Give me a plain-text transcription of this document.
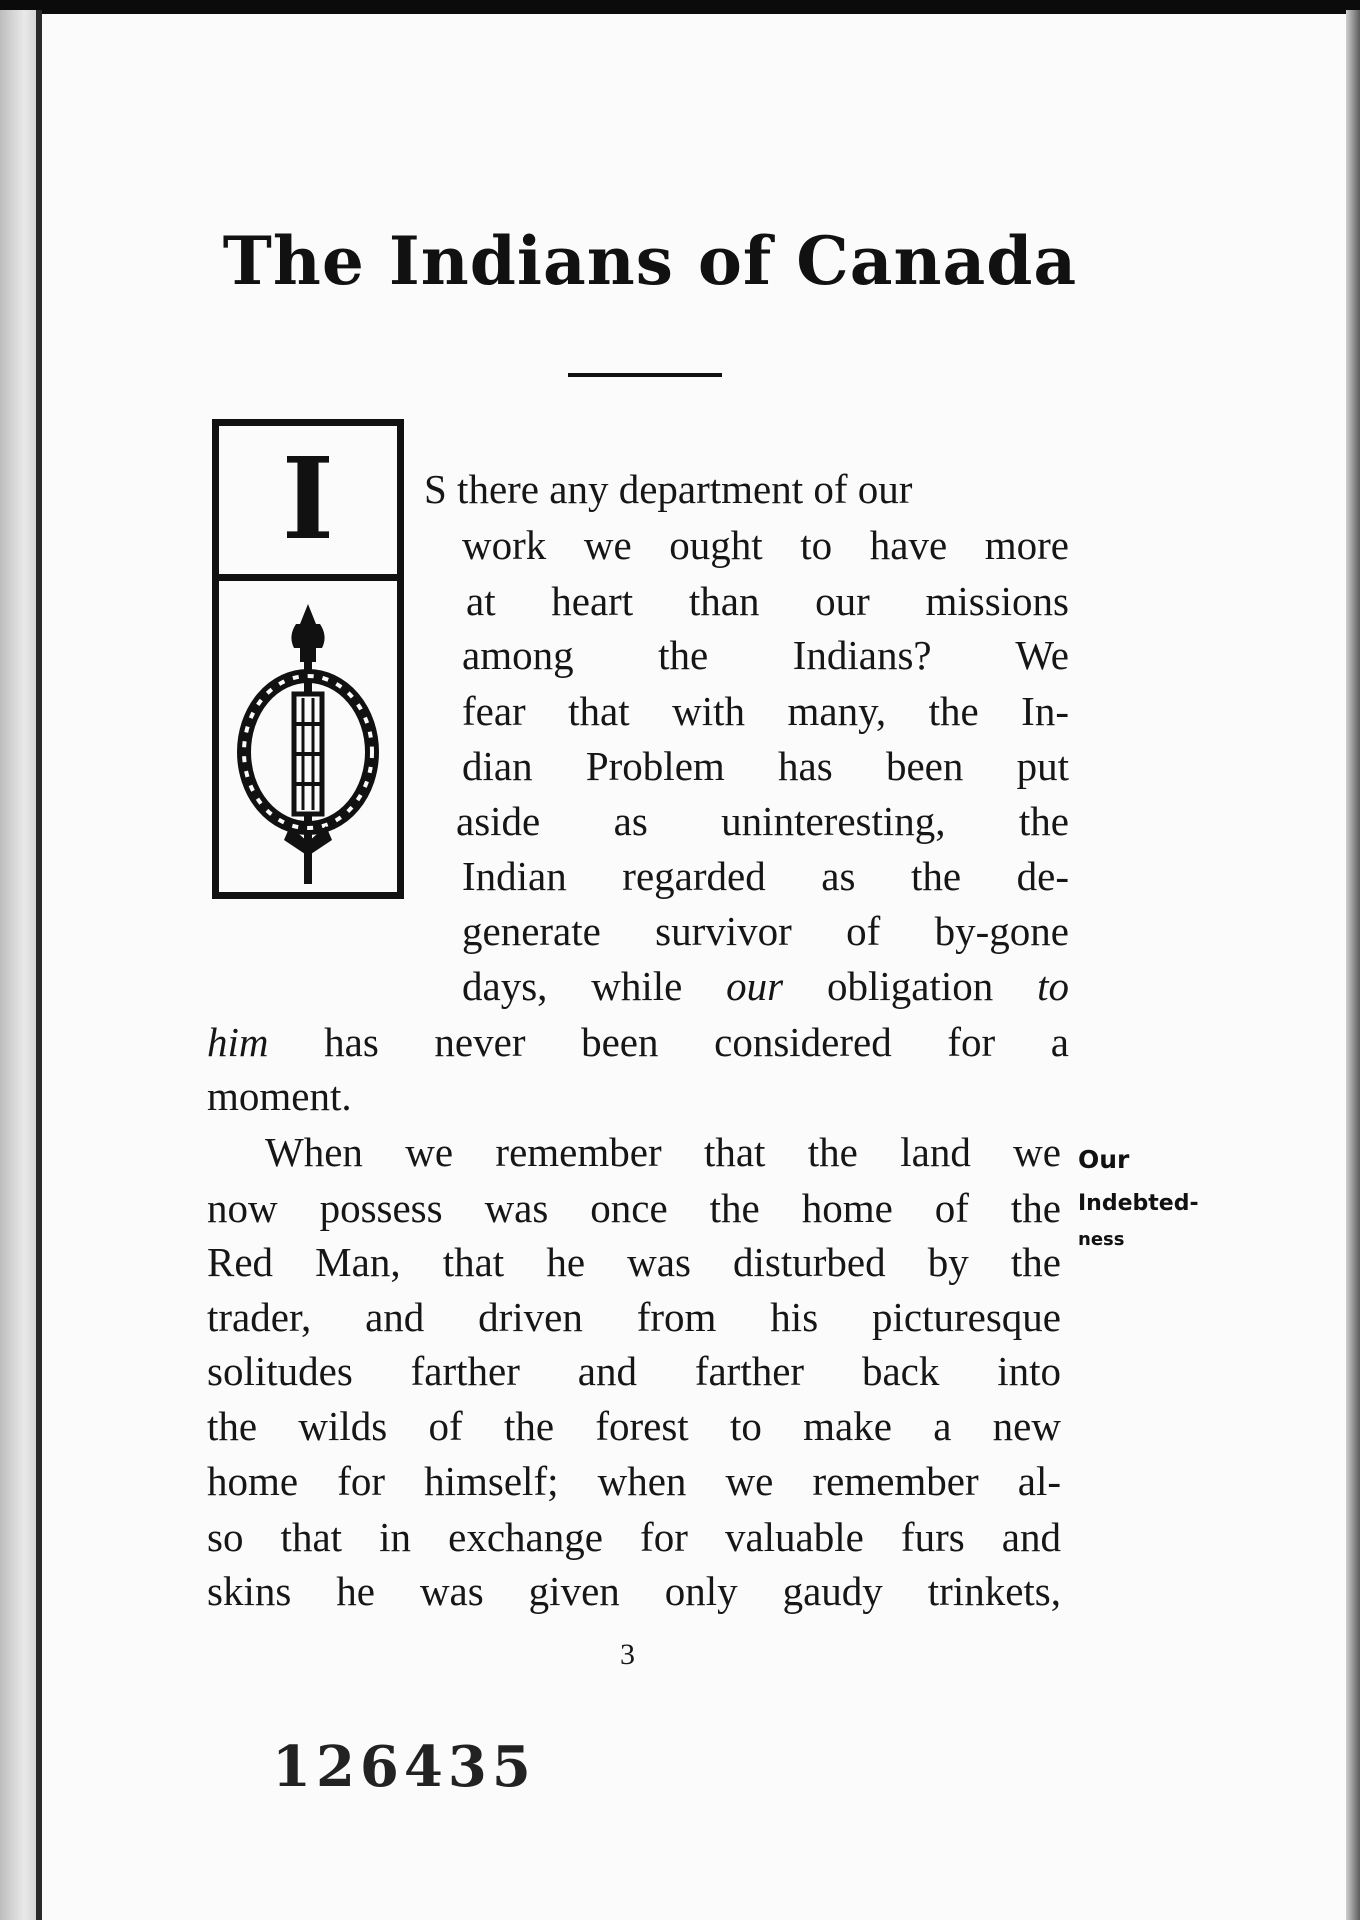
The Indians of Canada
I	S there any department of our
work we ought to have more
at heart than our missions
among the Indians? We
fear that with many, the In-
dian Problem has been put
aside as uninteresting, the
Indian regarded as the de-
generate survivor of by-gone
days, while our obligation to
him has never been considered for a
moment.
When we remember that the land we
now possess was once the home of the
Red Man, that he was disturbed by the
trader, and driven from his picturesque
solitudes farther and farther back into
the wilds of the forest to make a new
home for himself; when we remember al-
so that in exchange for valuable furs and
skins he was given only gaudy trinkets,
Our
Indebted-
ness
3
126435
